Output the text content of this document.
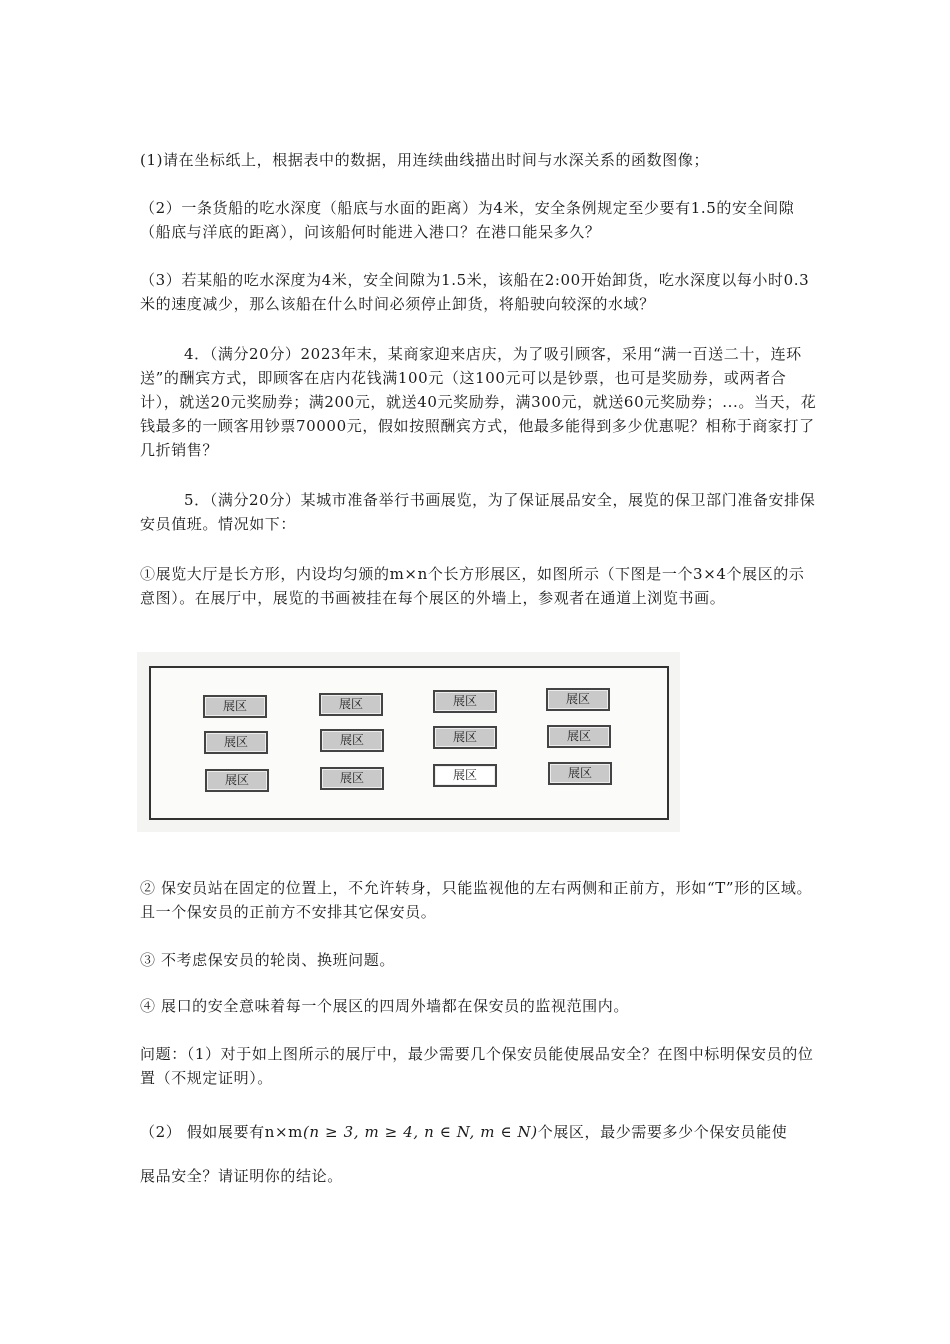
(1)请在坐标纸上，根据表中的数据，用连续曲线描出时间与水深关系的函数图像；

（2）一条货船的吃水深度（船底与水面的距离）为4米，安全条例规定至少要有1.5的安全间隙（船底与洋底的距离），问该船何时能进入港口？在港口能呆多久？

（3）若某船的吃水深度为4米，安全间隙为1.5米，该船在2:00开始卸货，吃水深度以每小时0.3米的速度减少，那么该船在什么时间必须停止卸货，将船驶向较深的水域？

4．（满分20分）2023年末，某商家迎来店庆，为了吸引顾客，采用“满一百送二十，连环送”的酬宾方式，即顾客在店内花钱满100元（这100元可以是钞票，也可是奖励券，或两者合计），就送20元奖励券；满200元，就送40元奖励券，满300元，就送60元奖励券；...。当天，花钱最多的一顾客用钞票70000元，假如按照酬宾方式，他最多能得到多少优惠呢？相称于商家打了几折销售？

5．（满分20分）某城市准备举行书画展览，为了保证展品安全，展览的保卫部门准备安排保安员值班。情况如下：

①展览大厅是长方形，内设均匀颁的m×n个长方形展区，如图所示（下图是一个3×4个展区的示意图）。在展厅中，展览的书画被挂在每个展区的外墙上，参观者在通道上浏览书画。

展区	展区	展区	展区
展区	展区	展区	展区
展区	展区	展区	展区

② 保安员站在固定的位置上，不允许转身，只能监视他的左右两侧和正前方，形如“T”形的区域。且一个保安员的正前方不安排其它保安员。

③ 不考虑保安员的轮岗、换班问题。

④ 展口的安全意味着每一个展区的四周外墙都在保安员的监视范围内。

问题：（1）对于如上图所示的展厅中，最少需要几个保安员能使展品安全？在图中标明保安员的位置（不规定证明）。

（2） 假如展要有n×m(n ≥ 3, m ≥ 4, n ∈ N, m ∈ N)个展区，最少需要多少个保安员能使

展品安全？请证明你的结论。
